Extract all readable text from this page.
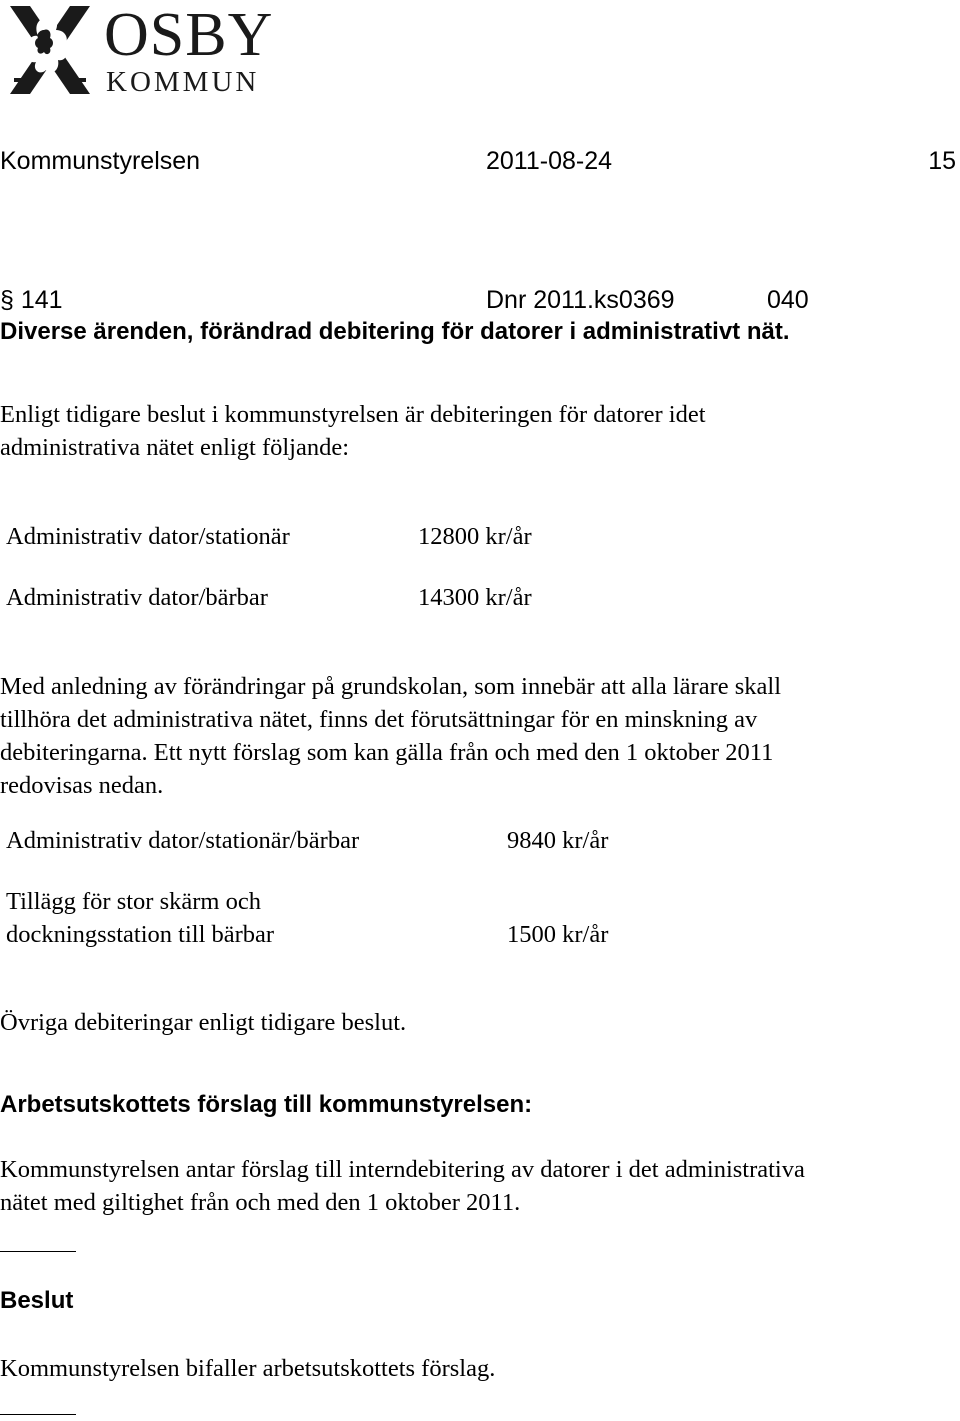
OSBY
KOMMUN
Kommunstyrelsen	2011-08-24	15
§ 141	Dnr 2011.ks0369	040
Diverse ärenden, förändrad debitering för datorer i administrativt nät.

Enligt tidigare beslut i kommunstyrelsen är debiteringen för datorer idet

administrativa nätet enligt följande:

Administrativ dator/stationär	12800 kr/år
Administrativ dator/bärbar	14300 kr/år

Med anledning av förändringar på grundskolan, som innebär att alla lärare skall

tillhöra det administrativa nätet, finns det förutsättningar för en minskning av

debiteringarna. Ett nytt förslag som kan gälla från och med den 1 oktober 2011

redovisas nedan.

Administrativ dator/stationär/bärbar	9840 kr/år
Tillägg för stor skärm och
dockningsstation till bärbar	1500 kr/år
Övriga debiteringar enligt tidigare beslut.
Arbetsutskottets förslag till kommunstyrelsen:

Kommunstyrelsen antar förslag till interndebitering av datorer i det administrativa

nätet med giltighet från och med den 1 oktober 2011.

Beslut
Kommunstyrelsen bifaller arbetsutskottets förslag.
